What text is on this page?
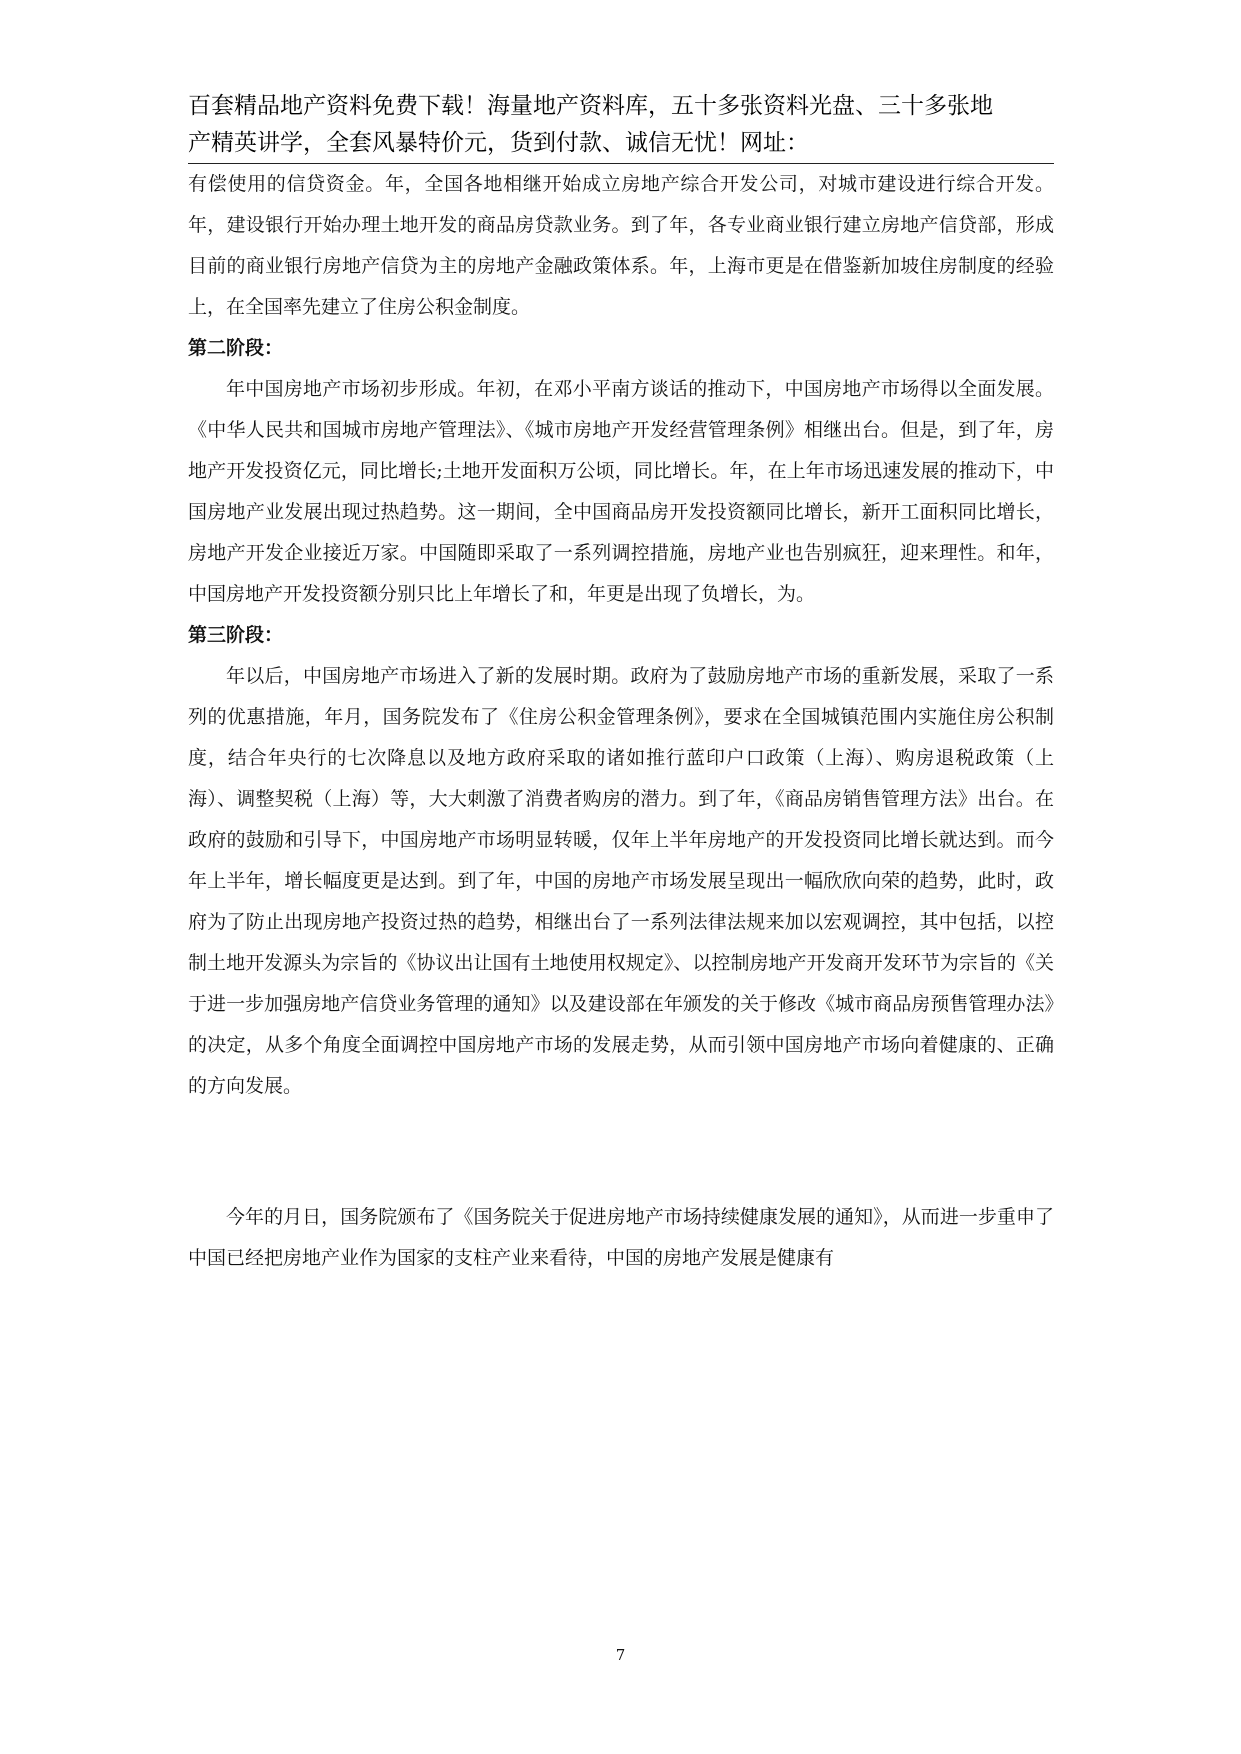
百套精品地产资料免费下载！海量地产资料库，五十多张资料光盘、三十多张地
产精英讲学，全套风暴特价元，货到付款、诚信无忧！网址：

有偿使用的信贷资金。年，全国各地相继开始成立房地产综合开发公司，对城市建设进行综合开发。年，建设银行开始办理土地开发的商品房贷款业务。到了年，各专业商业银行建立房地产信贷部，形成目前的商业银行房地产信贷为主的房地产金融政策体系。年，上海市更是在借鉴新加坡住房制度的经验上，在全国率先建立了住房公积金制度。

第二阶段：

年中国房地产市场初步形成。年初，在邓小平南方谈话的推动下，中国房地产市场得以全面发展。《中华人民共和国城市房地产管理法》、《城市房地产开发经营管理条例》相继出台。但是，到了年，房地产开发投资亿元，同比增长;土地开发面积万公顷，同比增长。年，在上年市场迅速发展的推动下，中国房地产业发展出现过热趋势。这一期间，全中国商品房开发投资额同比增长，新开工面积同比增长，房地产开发企业接近万家。中国随即采取了一系列调控措施，房地产业也告别疯狂，迎来理性。和年，中国房地产开发投资额分别只比上年增长了和，年更是出现了负增长，为。

第三阶段：

年以后，中国房地产市场进入了新的发展时期。政府为了鼓励房地产市场的重新发展，采取了一系列的优惠措施，年月，国务院发布了《住房公积金管理条例》，要求在全国城镇范围内实施住房公积制度，结合年央行的七次降息以及地方政府采取的诸如推行蓝印户口政策（上海）、购房退税政策（上海）、调整契税（上海）等，大大刺激了消费者购房的潜力。到了年，《商品房销售管理方法》出台。在政府的鼓励和引导下，中国房地产市场明显转暖，仅年上半年房地产的开发投资同比增长就达到。而今年上半年，增长幅度更是达到。到了年，中国的房地产市场发展呈现出一幅欣欣向荣的趋势，此时，政府为了防止出现房地产投资过热的趋势，相继出台了一系列法律法规来加以宏观调控，其中包括，以控制土地开发源头为宗旨的《协议出让国有土地使用权规定》、以控制房地产开发商开发环节为宗旨的《关于进一步加强房地产信贷业务管理的通知》以及建设部在年颁发的关于修改《城市商品房预售管理办法》的决定，从多个角度全面调控中国房地产市场的发展走势，从而引领中国房地产市场向着健康的、正确的方向发展。

今年的月日，国务院颁布了《国务院关于促进房地产市场持续健康发展的通知》，从而进一步重申了中国已经把房地产业作为国家的支柱产业来看待，中国的房地产发展是健康有

7
